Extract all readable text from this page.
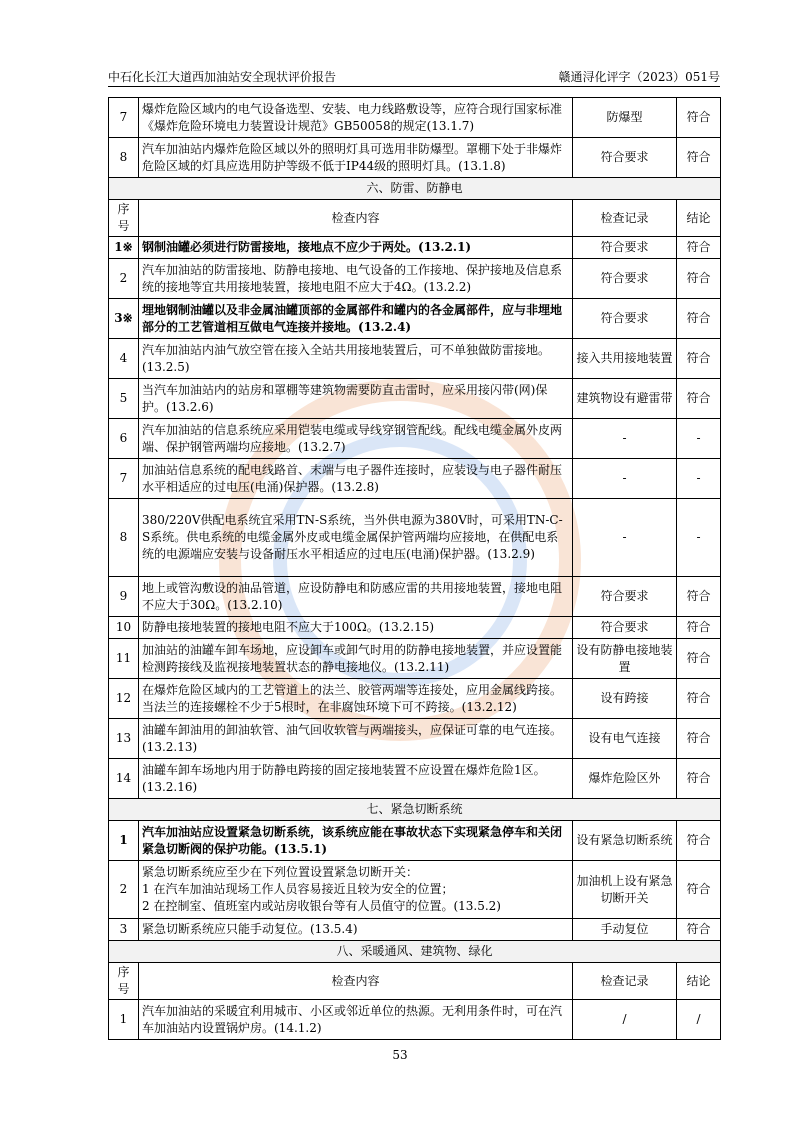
中石化长江大道西加油站安全现状评价报告	赣通浔化评字（2023）051号
7	爆炸危险区域内的电气设备选型、安装、电力线路敷设等，应符合现行国家标准《爆炸危险环境电力装置设计规范》GB50058的规定(13.1.7)	防爆型	符合
8	汽车加油站内爆炸危险区域以外的照明灯具可选用非防爆型。罩棚下处于非爆炸危险区域的灯具应选用防护等级不低于IP44级的照明灯具。(13.1.8)	符合要求	符合
六、防雷、防静电			
序号	检查内容	检查记录	结论
1※	钢制油罐必须进行防雷接地，接地点不应少于两处。(13.2.1)	符合要求	符合
2	汽车加油站的防雷接地、防静电接地、电气设备的工作接地、保护接地及信息系统的接地等宜共用接地装置，接地电阻不应大于4Ω。(13.2.2)	符合要求	符合
3※	埋地钢制油罐以及非金属油罐顶部的金属部件和罐内的各金属部件，应与非埋地部分的工艺管道相互做电气连接并接地。(13.2.4)	符合要求	符合
4	汽车加油站内油气放空管在接入全站共用接地装置后，可不单独做防雷接地。(13.2.5)	接入共用接地装置	符合
5	当汽车加油站内的站房和罩棚等建筑物需要防直击雷时，应采用接闪带(网)保护。(13.2.6)	建筑物设有避雷带	符合
6	汽车加油站的信息系统应采用铠装电缆或导线穿钢管配线。配线电缆金属外皮两端、保护钢管两端均应接地。(13.2.7)	-	-
7	加油站信息系统的配电线路首、末端与电子器件连接时，应装设与电子器件耐压水平相适应的过电压(电涌)保护器。(13.2.8)	-	-
8	380/220V供配电系统宜采用TN-S系统，当外供电源为380V时，可采用TN-C-S系统。供电系统的电缆金属外皮或电缆金属保护管两端均应接地，在供配电系统的电源端应安装与设备耐压水平相适应的过电压(电涌)保护器。(13.2.9)	-	-
9	地上或管沟敷设的油品管道，应设防静电和防感应雷的共用接地装置，接地电阻不应大于30Ω。(13.2.10)	符合要求	符合
10	防静电接地装置的接地电阻不应大于100Ω。(13.2.15)	符合要求	符合
11	加油站的油罐车卸车场地，应设卸车或卸气时用的防静电接地装置，并应设置能检测跨接线及监视接地装置状态的静电接地仪。(13.2.11)	设有防静电接地装置	符合
12	在爆炸危险区域内的工艺管道上的法兰、胶管两端等连接处，应用金属线跨接。当法兰的连接螺栓不少于5根时，在非腐蚀环境下可不跨接。(13.2.12)	设有跨接	符合
13	油罐车卸油用的卸油软管、油气回收软管与两端接头，应保证可靠的电气连接。(13.2.13)	设有电气连接	符合
14	油罐车卸车场地内用于防静电跨接的固定接地装置不应设置在爆炸危险1区。(13.2.16)	爆炸危险区外	符合
七、紧急切断系统			
1	汽车加油站应设置紧急切断系统，该系统应能在事故状态下实现紧急停车和关闭紧急切断阀的保护功能。(13.5.1)	设有紧急切断系统	符合
2	紧急切断系统应至少在下列位置设置紧急切断开关：
1 在汽车加油站现场工作人员容易接近且较为安全的位置；
2 在控制室、值班室内或站房收银台等有人员值守的位置。(13.5.2)	加油机上设有紧急切断开关	符合
3	紧急切断系统应只能手动复位。(13.5.4)	手动复位	符合
八、采暖通风、建筑物、绿化			
序号	检查内容	检查记录	结论
1	汽车加油站的采暖宜利用城市、小区或邻近单位的热源。无利用条件时，可在汽车加油站内设置锅炉房。(14.1.2)	/	/
53
